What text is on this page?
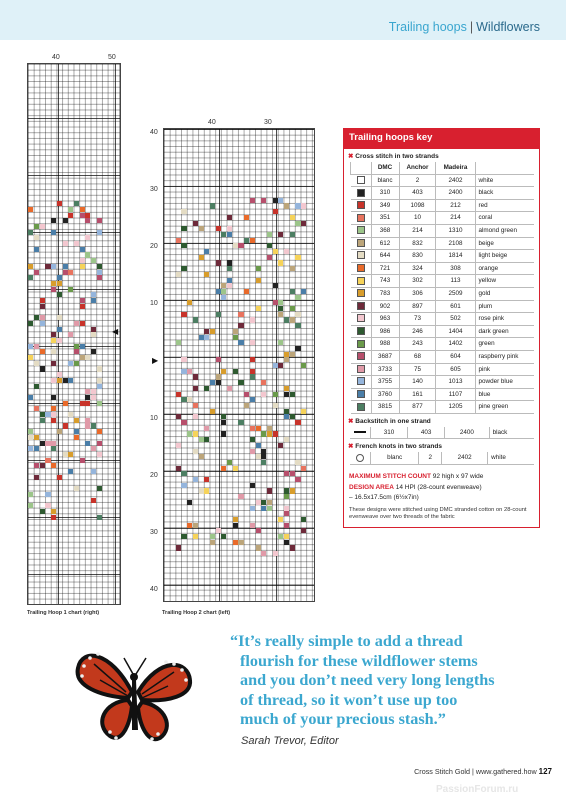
Trailing hoops | Wildflowers
40	50
◀
Trailing Hoop 1 chart (right)
40	30
40
30
20
10
10
20
30
40
▶
Trailing Hoop 2 chart (left)
Trailing hoops key
✖ Cross stitch in two strands
	DMC	Anchor	Madeira	
	blanc	2	2402	white
	310	403	2400	black
	349	1098	212	red
	351	10	214	coral
	368	214	1310	almond green
	612	832	2108	beige
	644	830	1814	light beige
	721	324	308	orange
	743	302	113	yellow
	783	306	2509	gold
	902	897	601	plum
	963	73	502	rose pink
	986	246	1404	dark green
	988	243	1402	green
	3687	68	604	raspberry pink
	3733	75	605	pink
	3755	140	1013	powder blue
	3760	161	1107	blue
	3815	877	1205	pine green
✖ Backstitch in one strand
	310	403	2400	black
✖ French knots in two strands
	blanc	2	2402	white
MAXIMUM STITCH COUNT 92 high x 97 wide
DESIGN AREA 14 HPI (28-count evenweave)
– 16.5x17.5cm (6½x7in)
These designs were stitched using DMC stranded cotton on 28-count evenweave over two threads of the fabric
“It’s really simple to add a thread
flourish for these wildflower stems
and you don’t need very long lengths
of thread, so it won’t use up too
much of your precious stash.”
Sarah Trevor, Editor
Cross Stitch Gold | www.gathered.how 127
PassionForum.ru
